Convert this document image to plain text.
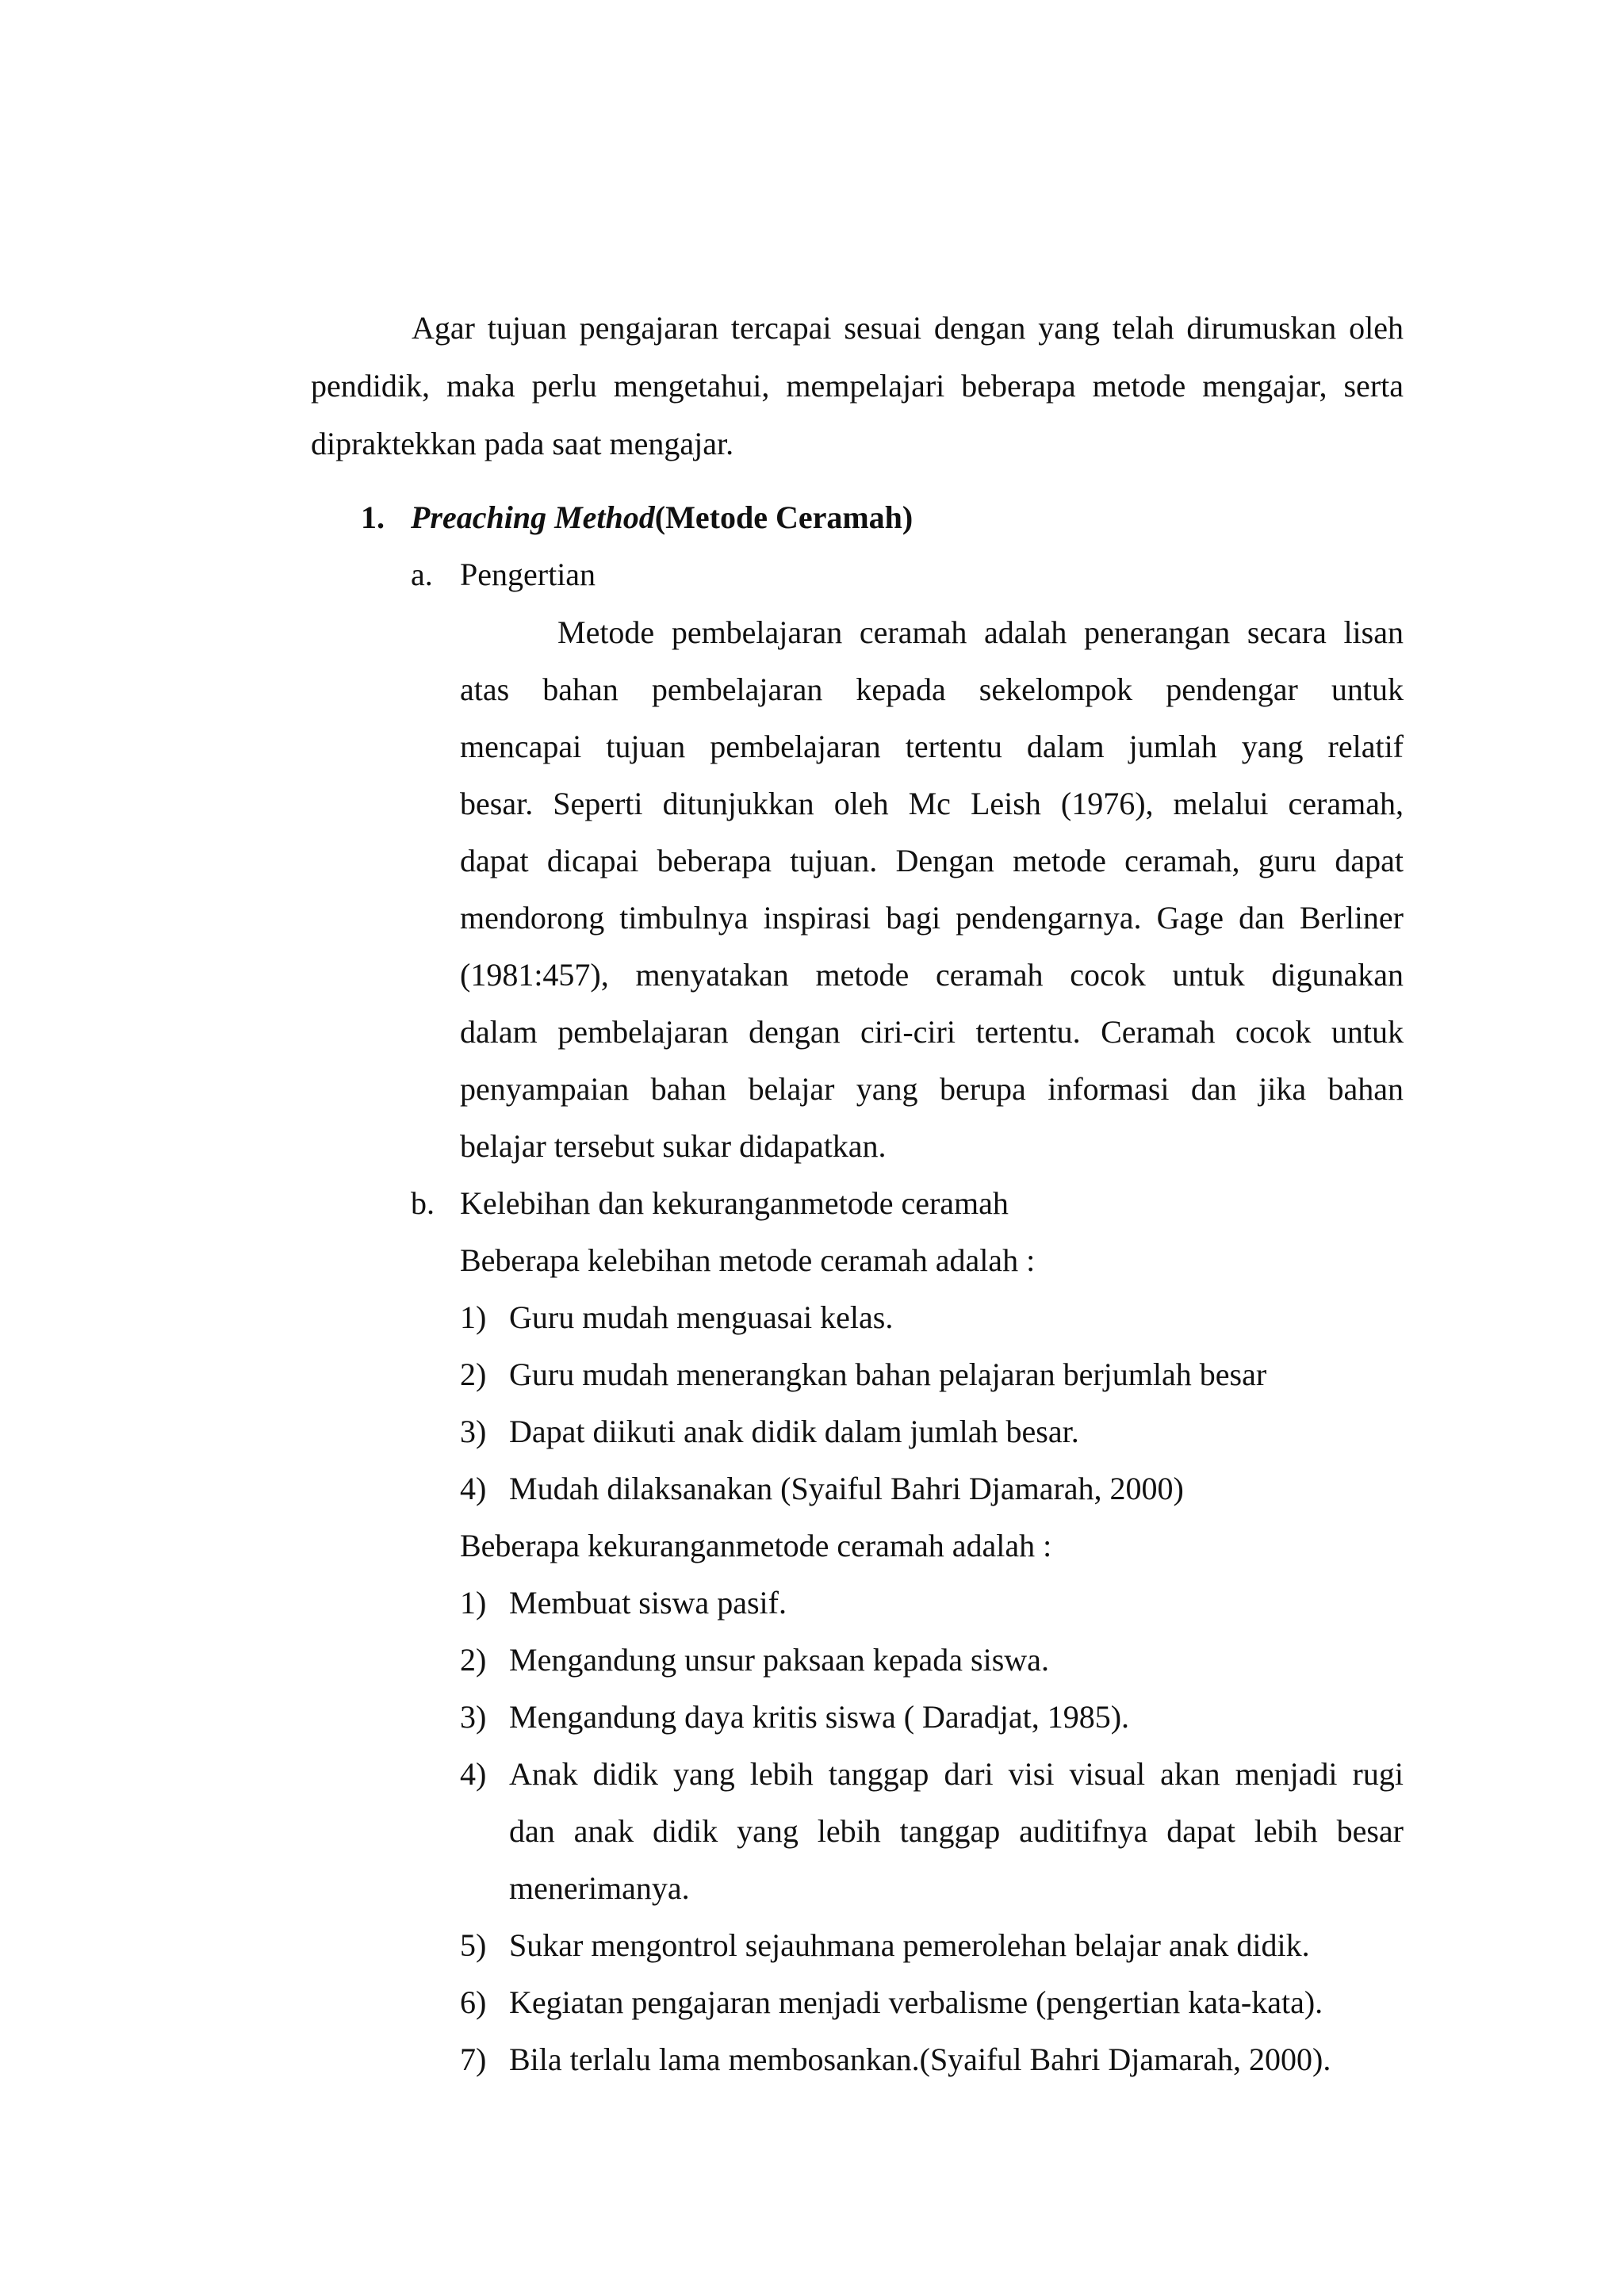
Agar tujuan pengajaran tercapai sesuai dengan yang telah dirumuskan oleh
pendidik, maka perlu mengetahui, mempelajari beberapa metode mengajar, serta
dipraktekkan pada saat mengajar.
1. Preaching Method(Metode Ceramah)
a. Pengertian
Metode pembelajaran ceramah adalah penerangan secara lisan
atas bahan pembelajaran kepada sekelompok pendengar untuk
mencapai tujuan pembelajaran tertentu dalam jumlah yang relatif
besar. Seperti ditunjukkan oleh Mc Leish (1976), melalui ceramah,
dapat dicapai beberapa tujuan. Dengan metode ceramah, guru dapat
mendorong timbulnya inspirasi bagi pendengarnya. Gage dan Berliner
(1981:457), menyatakan metode ceramah cocok untuk digunakan
dalam pembelajaran dengan ciri-ciri tertentu. Ceramah cocok untuk
penyampaian bahan belajar yang berupa informasi dan jika bahan
belajar tersebut sukar didapatkan.
b. Kelebihan dan kekuranganmetode ceramah
Beberapa kelebihan metode ceramah adalah :
1) Guru mudah menguasai kelas.
2) Guru mudah menerangkan bahan pelajaran berjumlah besar
3) Dapat diikuti anak didik dalam jumlah besar.
4) Mudah dilaksanakan (Syaiful Bahri Djamarah, 2000)
Beberapa kekuranganmetode ceramah adalah :
1) Membuat siswa pasif.
2) Mengandung unsur paksaan kepada siswa.
3) Mengandung daya kritis siswa ( Daradjat, 1985).
4) Anak didik yang lebih tanggap dari visi visual akan menjadi rugi
dan anak didik yang lebih tanggap auditifnya dapat lebih besar
menerimanya.
5) Sukar mengontrol sejauhmana pemerolehan belajar anak didik.
6) Kegiatan pengajaran menjadi verbalisme (pengertian kata-kata).
7) Bila terlalu lama membosankan.(Syaiful Bahri Djamarah, 2000).
